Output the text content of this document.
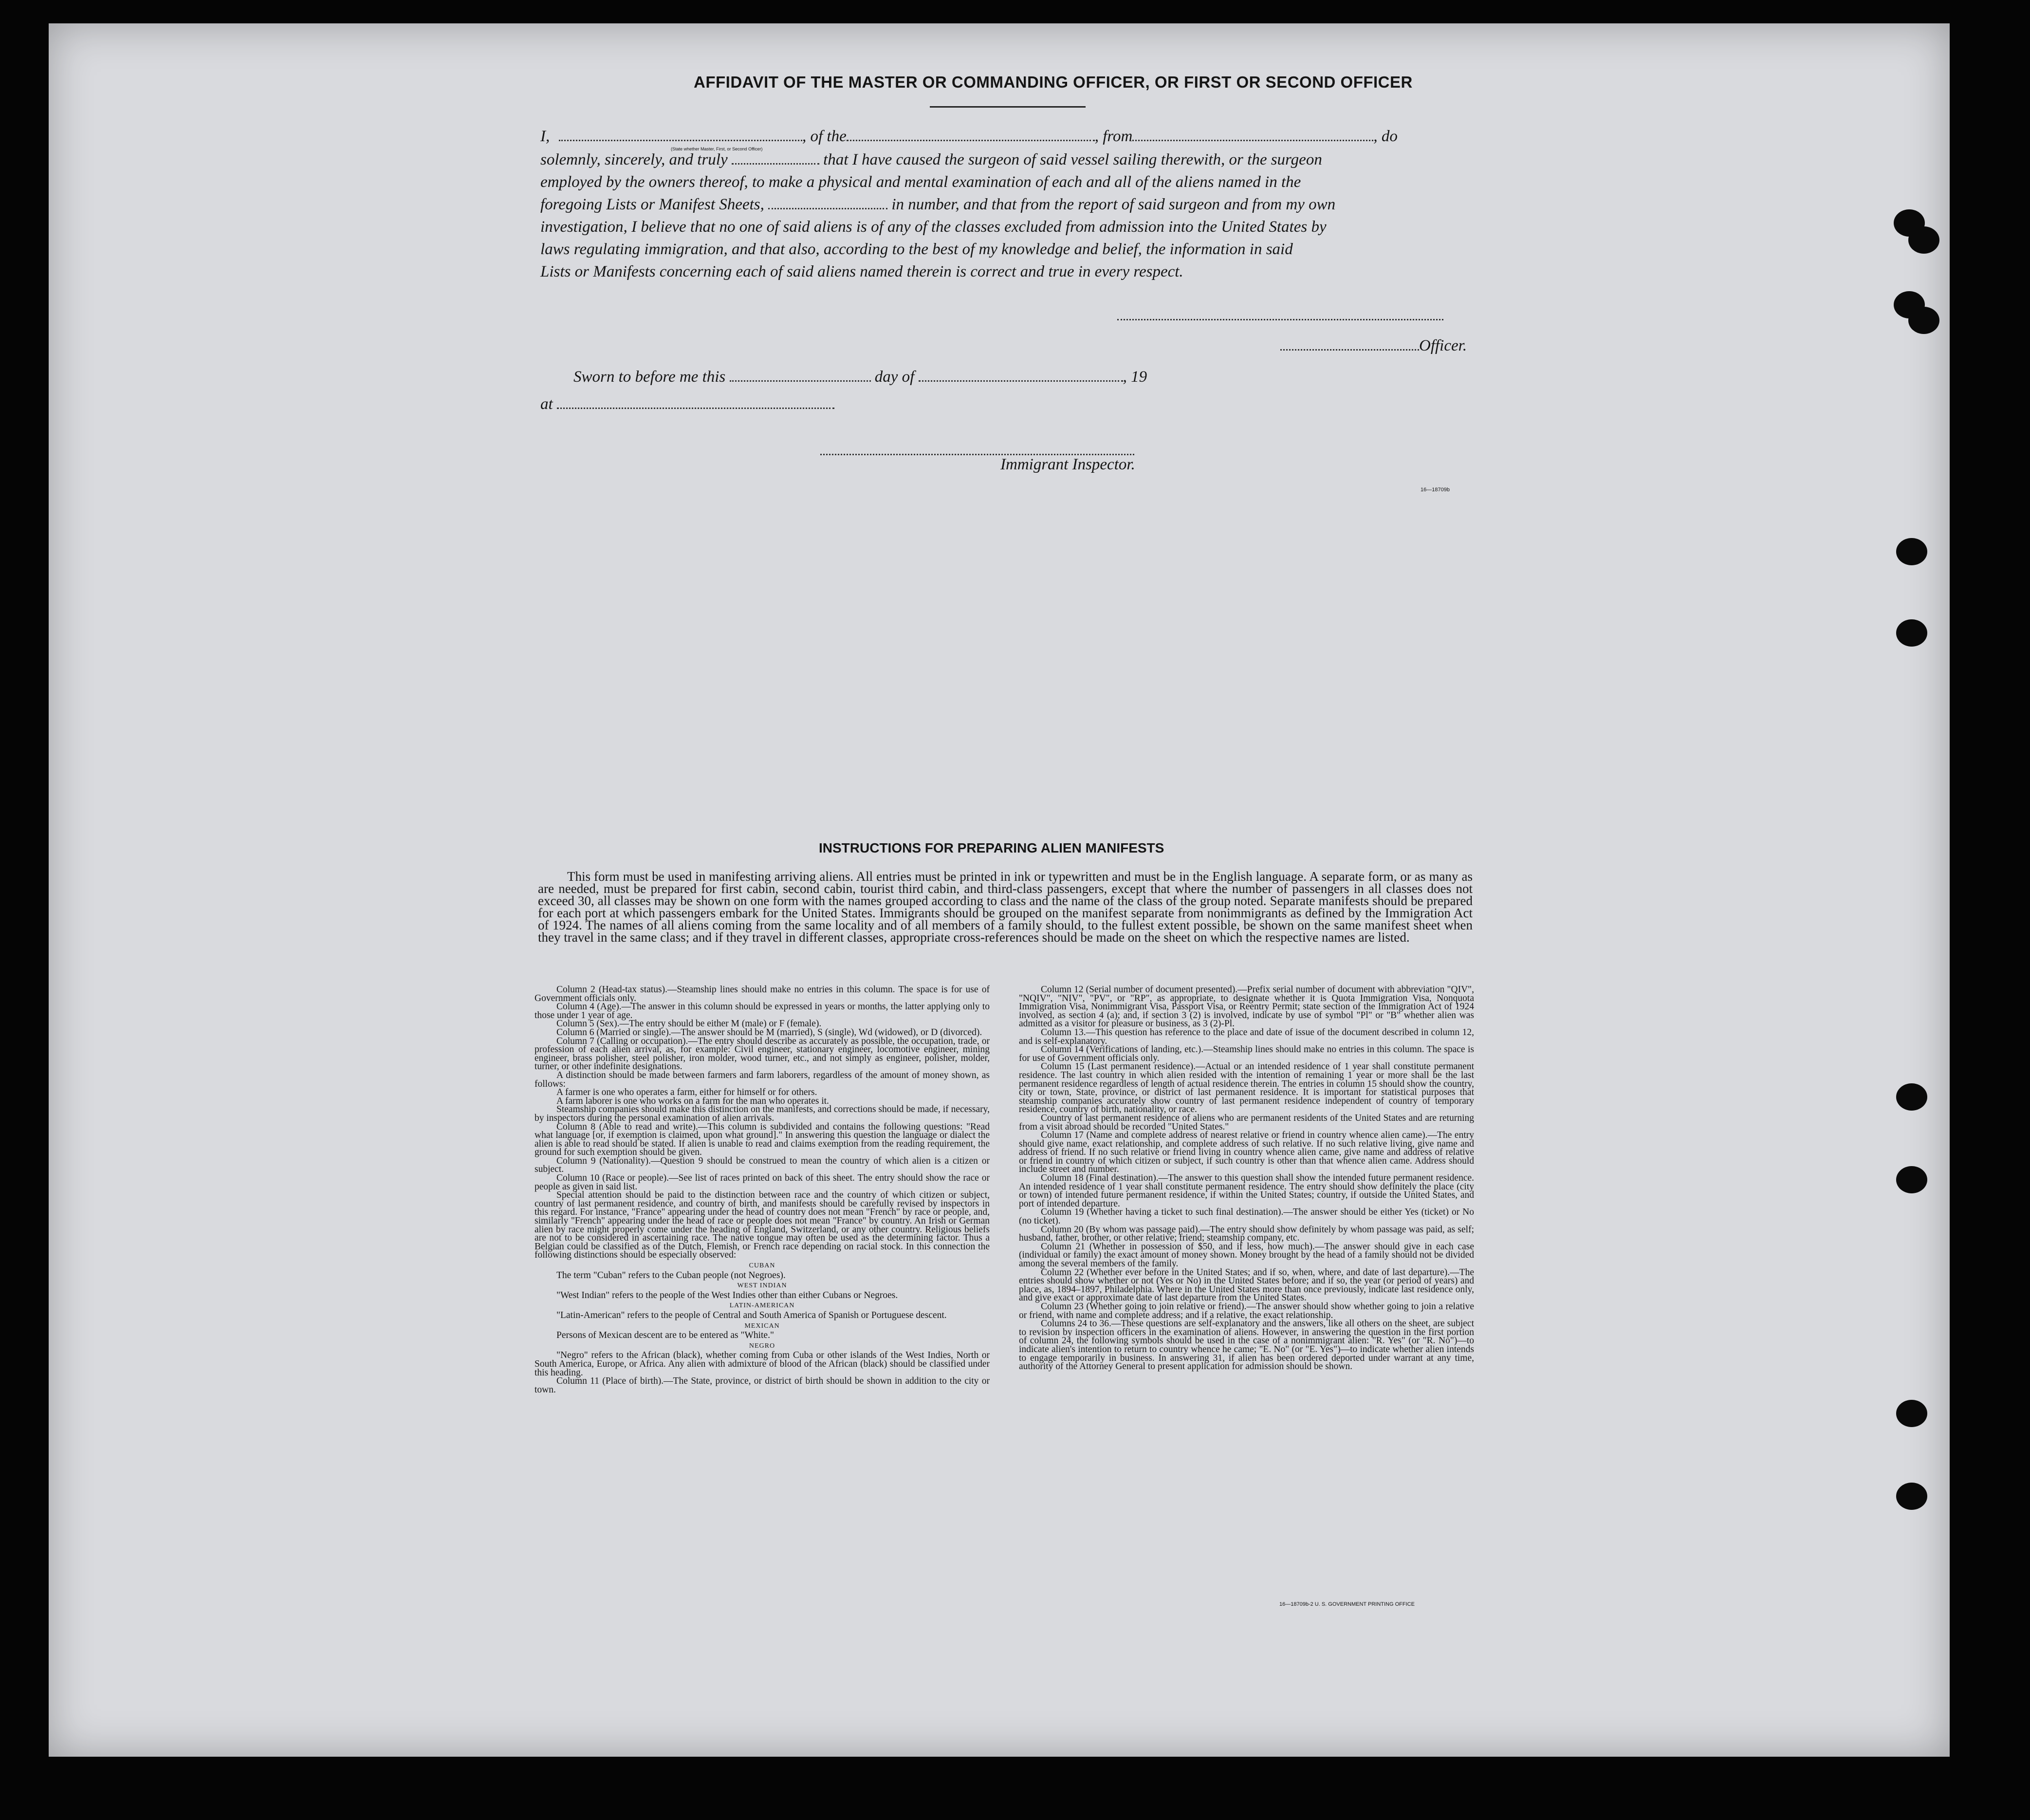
AFFIDAVIT OF THE MASTER OR COMMANDING OFFICER, OR FIRST OR SECOND OFFICER
I,	, of the	, from	, do
(State whether Master, First, or Second Officer)
solemnly, sincerely, and truly	that I have caused the surgeon of said vessel sailing therewith, or the surgeon
employed by the owners thereof, to make a physical and mental examination of each and all of the aliens named in the
foregoing Lists or Manifest Sheets,	in number, and that from the report of said surgeon and from my own
investigation, I believe that no one of said aliens is of any of the classes excluded from admission into the United States by
laws regulating immigration, and that also, according to the best of my knowledge and belief, the information in said
Lists or Manifests concerning each of said aliens named therein is correct and true in every respect.
Officer.
Sworn to before me this	day of	, 19
at
Immigrant Inspector.
16—18709b
INSTRUCTIONS FOR PREPARING ALIEN MANIFESTS
This form must be used in manifesting arriving aliens. All entries must be printed in ink or typewritten and must be in the English language. A separate form, or as many as are needed, must be prepared for first cabin, second cabin, tourist third cabin, and third-class passengers, except that where the number of passengers in all classes does not exceed 30, all classes may be shown on one form with the names grouped according to class and the name of the class of the group noted. Separate manifests should be prepared for each port at which passengers embark for the United States. Immigrants should be grouped on the manifest separate from nonimmigrants as defined by the Immigration Act of 1924. The names of all aliens coming from the same locality and of all members of a family should, to the fullest extent possible, be shown on the same manifest sheet when they travel in the same class; and if they travel in different classes, appropriate cross-references should be made on the sheet on which the respective names are listed.

Column 2 (Head-tax status).—Steamship lines should make no entries in this column. The space is for use of Government officials only.

Column 4 (Age).—The answer in this column should be expressed in years or months, the latter applying only to those under 1 year of age.

Column 5 (Sex).—The entry should be either M (male) or F (female).

Column 6 (Married or single).—The answer should be M (married), S (single), Wd (widowed), or D (divorced).

Column 7 (Calling or occupation).—The entry should describe as accurately as possible, the occupation, trade, or profession of each alien arrival, as, for example: Civil engineer, stationary engineer, locomotive engineer, mining engineer, brass polisher, steel polisher, iron molder, wood turner, etc., and not simply as engineer, polisher, molder, turner, or other indefinite designations.

A distinction should be made between farmers and farm laborers, regardless of the amount of money shown, as follows:

A farmer is one who operates a farm, either for himself or for others.

A farm laborer is one who works on a farm for the man who operates it.

Steamship companies should make this distinction on the manifests, and corrections should be made, if necessary, by inspectors during the personal examination of alien arrivals.

Column 8 (Able to read and write).—This column is subdivided and contains the following questions: "Read what language [or, if exemption is claimed, upon what ground]." In answering this question the language or dialect the alien is able to read should be stated. If alien is unable to read and claims exemption from the reading requirement, the ground for such exemption should be given.

Column 9 (Nationality).—Question 9 should be construed to mean the country of which alien is a citizen or subject.

Column 10 (Race or people).—See list of races printed on back of this sheet. The entry should show the race or people as given in said list.

Special attention should be paid to the distinction between race and the country of which citizen or subject, country of last permanent residence, and country of birth, and manifests should be carefully revised by inspectors in this regard. For instance, "France" appearing under the head of country does not mean "French" by race or people, and, similarly "French" appearing under the head of race or people does not mean "France" by country. An Irish or German alien by race might properly come under the heading of England, Switzerland, or any other country. Religious beliefs are not to be considered in ascertaining race. The native tongue may often be used as the determining factor. Thus a Belgian could be classified as of the Dutch, Flemish, or French race depending on racial stock. In this connection the following distinctions should be especially observed:

CUBAN

The term "Cuban" refers to the Cuban people (not Negroes).

WEST INDIAN

"West Indian" refers to the people of the West Indies other than either Cubans or Negroes.

LATIN-AMERICAN

"Latin-American" refers to the people of Central and South America of Spanish or Portuguese descent.

MEXICAN

Persons of Mexican descent are to be entered as "White."

NEGRO

"Negro" refers to the African (black), whether coming from Cuba or other islands of the West Indies, North or South America, Europe, or Africa. Any alien with admixture of blood of the African (black) should be classified under this heading.

Column 11 (Place of birth).—The State, province, or district of birth should be shown in addition to the city or town.

Column 12 (Serial number of document presented).—Prefix serial number of document with abbreviation "QIV", "NQIV", "NIV", "PV", or "RP", as appropriate, to designate whether it is Quota Immigration Visa, Nonquota Immigration Visa, Nonimmigrant Visa, Passport Visa, or Reentry Permit; state section of the Immigration Act of 1924 involved, as section 4 (a); and, if section 3 (2) is involved, indicate by use of symbol "Pl" or "B" whether alien was admitted as a visitor for pleasure or business, as 3 (2)-Pl.

Column 13.—This question has reference to the place and date of issue of the document described in column 12, and is self-explanatory.

Column 14 (Verifications of landing, etc.).—Steamship lines should make no entries in this column. The space is for use of Government officials only.

Column 15 (Last permanent residence).—Actual or an intended residence of 1 year shall constitute permanent residence. The last country in which alien resided with the intention of remaining 1 year or more shall be the last permanent residence regardless of length of actual residence therein. The entries in column 15 should show the country, city or town, State, province, or district of last permanent residence. It is important for statistical purposes that steamship companies accurately show country of last permanent residence independent of country of temporary residence, country of birth, nationality, or race.

Country of last permanent residence of aliens who are permanent residents of the United States and are returning from a visit abroad should be recorded "United States."

Column 17 (Name and complete address of nearest relative or friend in country whence alien came).—The entry should give name, exact relationship, and complete address of such relative. If no such relative living, give name and address of friend. If no such relative or friend living in country whence alien came, give name and address of relative or friend in country of which citizen or subject, if such country is other than that whence alien came. Address should include street and number.

Column 18 (Final destination).—The answer to this question shall show the intended future permanent residence. An intended residence of 1 year shall constitute permanent residence. The entry should show definitely the place (city or town) of intended future permanent residence, if within the United States; country, if outside the United States, and port of intended departure.

Column 19 (Whether having a ticket to such final destination).—The answer should be either Yes (ticket) or No (no ticket).

Column 20 (By whom was passage paid).—The entry should show definitely by whom passage was paid, as self; husband, father, brother, or other relative; friend; steamship company, etc.

Column 21 (Whether in possession of $50, and if less, how much).—The answer should give in each case (individual or family) the exact amount of money shown. Money brought by the head of a family should not be divided among the several members of the family.

Column 22 (Whether ever before in the United States; and if so, when, where, and date of last departure).—The entries should show whether or not (Yes or No) in the United States before; and if so, the year (or period of years) and place, as, 1894–1897, Philadelphia. Where in the United States more than once previously, indicate last residence only, and give exact or approximate date of last departure from the United States.

Column 23 (Whether going to join relative or friend).—The answer should show whether going to join a relative or friend, with name and complete address; and if a relative, the exact relationship.

Columns 24 to 36.—These questions are self-explanatory and the answers, like all others on the sheet, are subject to revision by inspection officers in the examination of aliens. However, in answering the question in the first portion of column 24, the following symbols should be used in the case of a nonimmigrant alien: "R. Yes" (or "R. No")—to indicate alien's intention to return to country whence he came; "E. No" (or "E. Yes")—to indicate whether alien intends to engage temporarily in business. In answering 31, if alien has been ordered deported under warrant at any time, authority of the Attorney General to present application for admission should be shown.

16—18709b-2 U. S. GOVERNMENT PRINTING OFFICE
